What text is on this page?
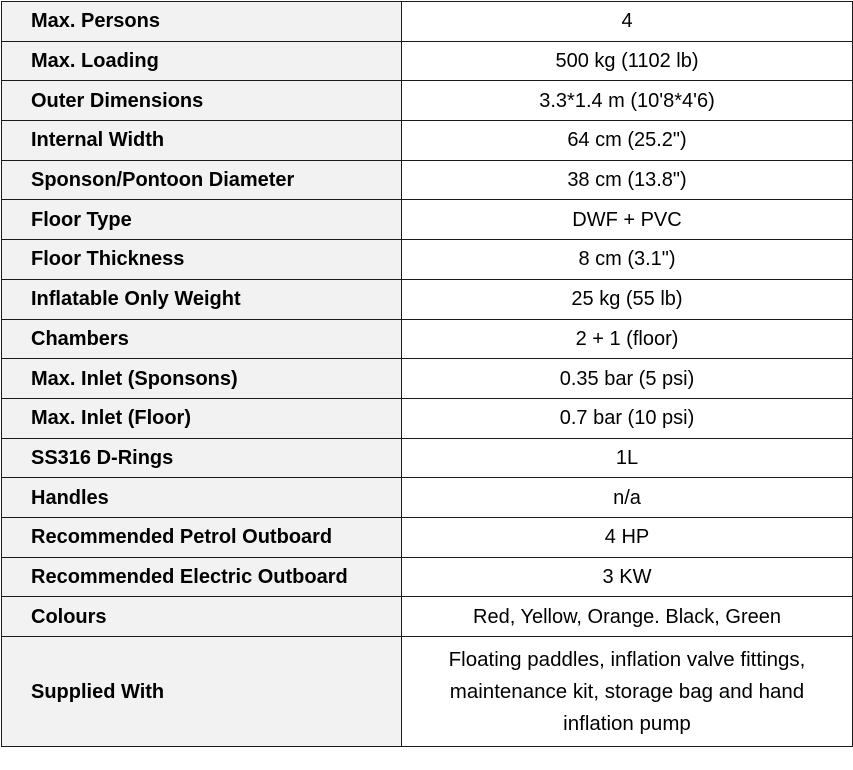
Max. Persons	4
Max. Loading	500 kg (1102 lb)
Outer Dimensions	3.3*1.4 m (10'8*4'6)
Internal Width	64 cm (25.2")
Sponson/Pontoon Diameter	38 cm (13.8")
Floor Type	DWF + PVC
Floor Thickness	8 cm (3.1")
Inflatable Only Weight	25 kg (55 lb)
Chambers	2 + 1 (floor)
Max. Inlet (Sponsons)	0.35 bar (5 psi)
Max. Inlet (Floor)	0.7 bar (10 psi)
SS316 D-Rings	1L
Handles	n/a
Recommended Petrol Outboard	4 HP
Recommended Electric Outboard	3 KW
Colours	Red, Yellow, Orange. Black, Green
Supplied With	Floating paddles, inflation valve fittings, maintenance kit, storage bag and hand inflation pump
